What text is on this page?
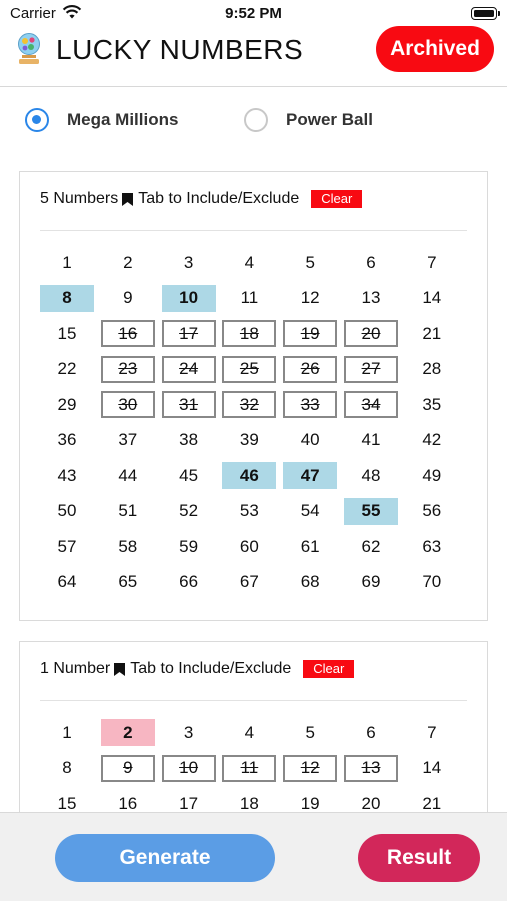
Carrier	9:52 PM
LUCKY NUMBERS	Archived
Mega Millions	Power Ball
5 Numbers Tab to Include/Exclude	Clear
1	2	3	4	5	6	7
8	9	10	11	12	13	14
15	16	17	18	19	20	21
22	23	24	25	26	27	28
29	30	31	32	33	34	35
36	37	38	39	40	41	42
43	44	45	46	47	48	49
50	51	52	53	54	55	56
57	58	59	60	61	62	63
64	65	66	67	68	69	70
1 Number Tab to Include/Exclude	Clear
1	2	3	4	5	6	7
8	9	10	11	12	13	14
15	16	17	18	19	20	21
Generate	Result
